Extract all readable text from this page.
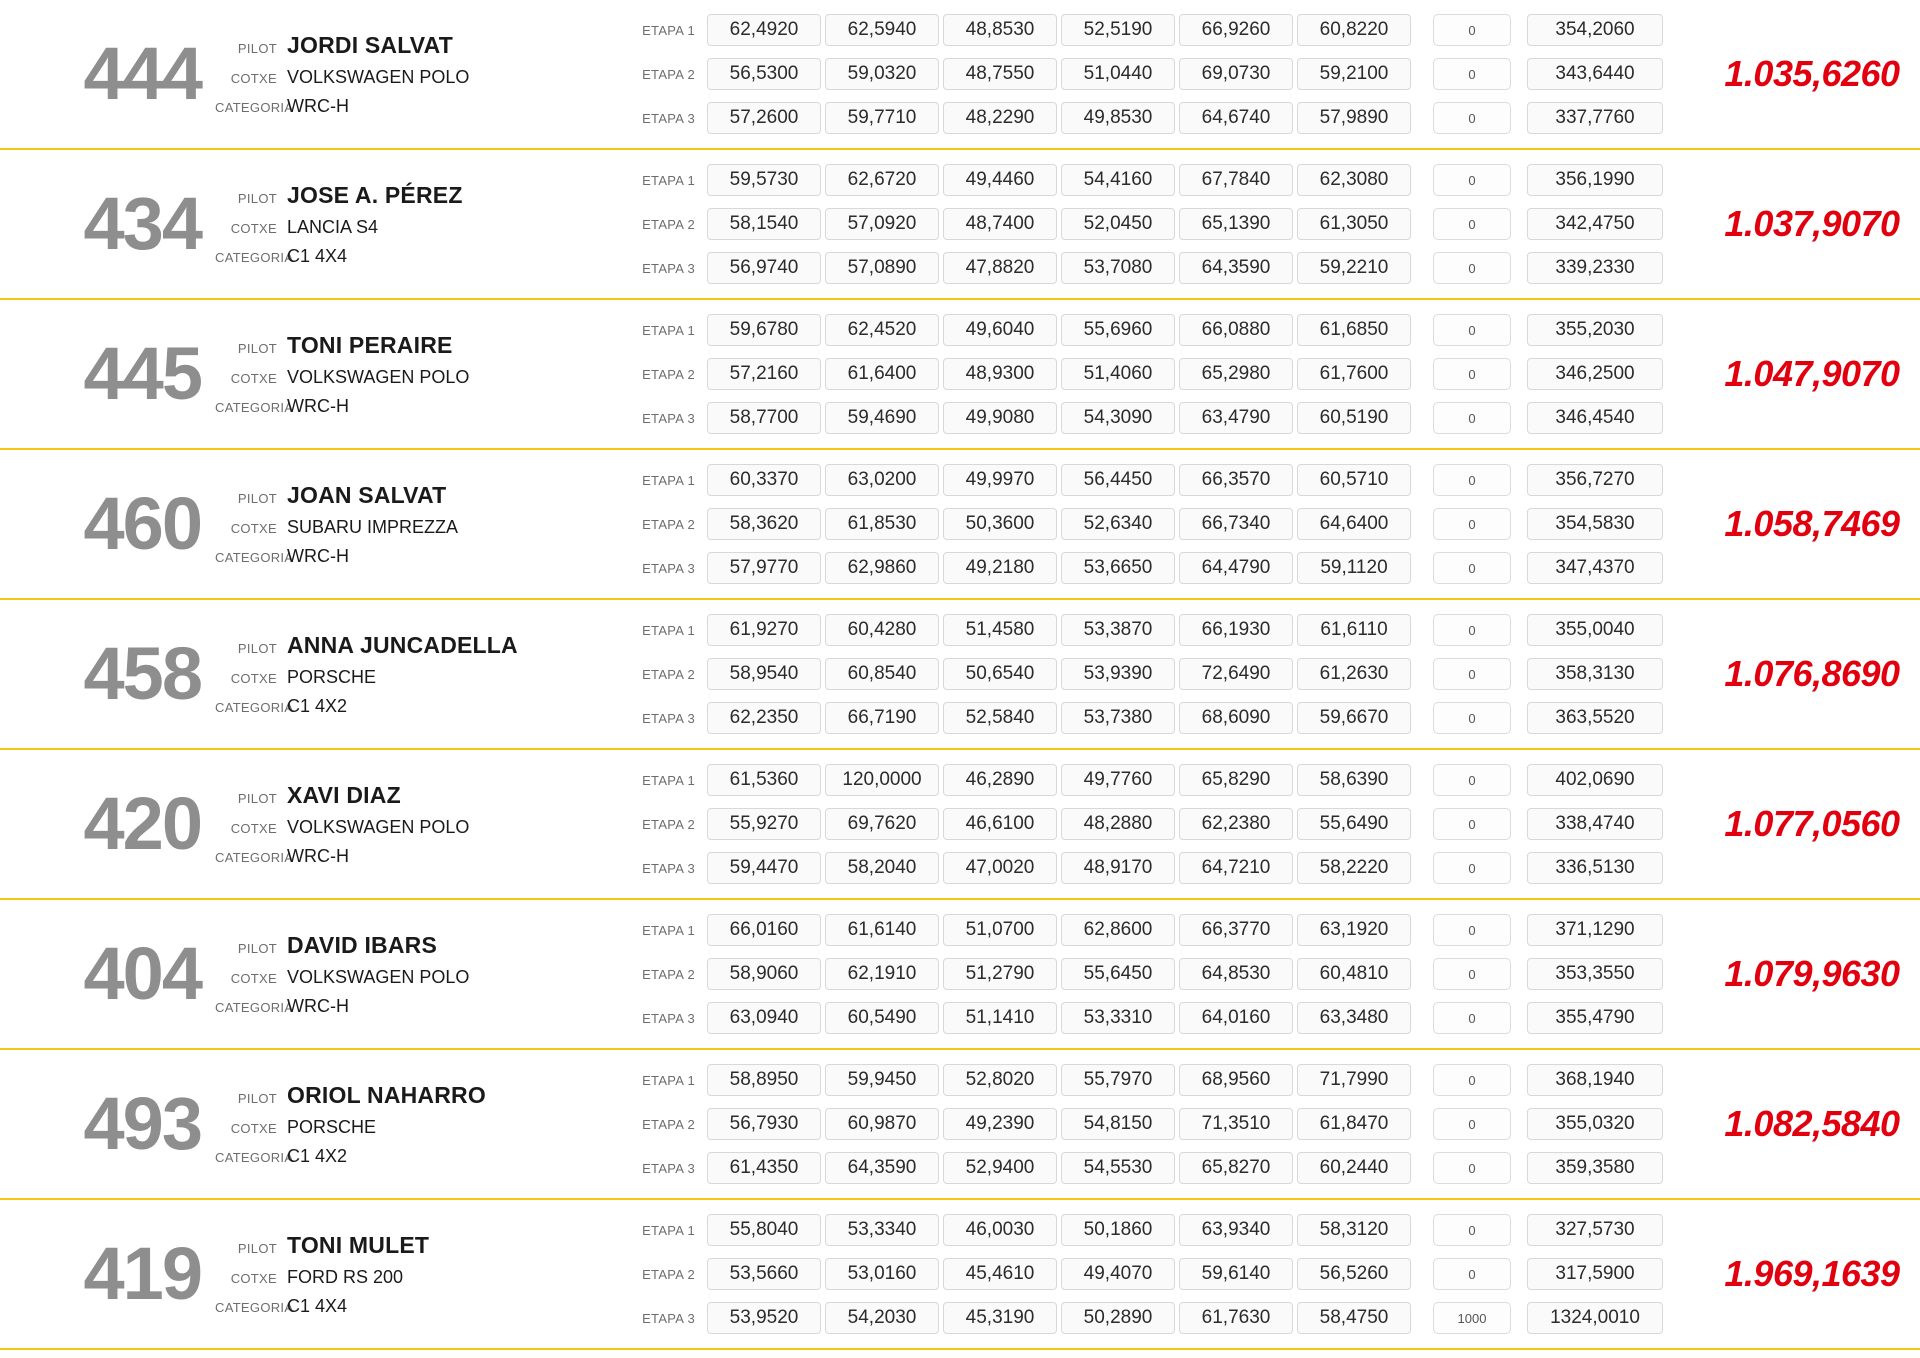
444	PILOT JORDI SALVAT
COTXE VOLKSWAGEN POLO
CATEGORIA
WRC-H
ETAPA 1	62,4920	62,5940	48,8530	52,5190	66,9260	60,8220	0	354,2060
ETAPA 2	56,5300	59,0320	48,7550	51,0440	69,0730	59,2100	0	343,6440
ETAPA 3	57,2600	59,7710	48,2290	49,8530	64,6740	57,9890	0	337,7760
1.035,6260
434	PILOT JOSE A. PÉREZ
COTXE LANCIA S4
CATEGORIA
C1 4X4
ETAPA 1	59,5730	62,6720	49,4460	54,4160	67,7840	62,3080	0	356,1990
ETAPA 2	58,1540	57,0920	48,7400	52,0450	65,1390	61,3050	0	342,4750
ETAPA 3	56,9740	57,0890	47,8820	53,7080	64,3590	59,2210	0	339,2330
1.037,9070
445	PILOT TONI PERAIRE
COTXE VOLKSWAGEN POLO
CATEGORIA
WRC-H
ETAPA 1	59,6780	62,4520	49,6040	55,6960	66,0880	61,6850	0	355,2030
ETAPA 2	57,2160	61,6400	48,9300	51,4060	65,2980	61,7600	0	346,2500
ETAPA 3	58,7700	59,4690	49,9080	54,3090	63,4790	60,5190	0	346,4540
1.047,9070
460	PILOT JOAN SALVAT
COTXE SUBARU IMPREZZA
CATEGORIA
WRC-H
ETAPA 1	60,3370	63,0200	49,9970	56,4450	66,3570	60,5710	0	356,7270
ETAPA 2	58,3620	61,8530	50,3600	52,6340	66,7340	64,6400	0	354,5830
ETAPA 3	57,9770	62,9860	49,2180	53,6650	64,4790	59,1120	0	347,4370
1.058,7469
458	PILOT ANNA JUNCADELLA
COTXE PORSCHE
CATEGORIA
C1 4X2
ETAPA 1	61,9270	60,4280	51,4580	53,3870	66,1930	61,6110	0	355,0040
ETAPA 2	58,9540	60,8540	50,6540	53,9390	72,6490	61,2630	0	358,3130
ETAPA 3	62,2350	66,7190	52,5840	53,7380	68,6090	59,6670	0	363,5520
1.076,8690
420	PILOT XAVI DIAZ
COTXE VOLKSWAGEN POLO
CATEGORIA
WRC-H
ETAPA 1	61,5360	120,0000	46,2890	49,7760	65,8290	58,6390	0	402,0690
ETAPA 2	55,9270	69,7620	46,6100	48,2880	62,2380	55,6490	0	338,4740
ETAPA 3	59,4470	58,2040	47,0020	48,9170	64,7210	58,2220	0	336,5130
1.077,0560
404	PILOT DAVID IBARS
COTXE VOLKSWAGEN POLO
CATEGORIA
WRC-H
ETAPA 1	66,0160	61,6140	51,0700	62,8600	66,3770	63,1920	0	371,1290
ETAPA 2	58,9060	62,1910	51,2790	55,6450	64,8530	60,4810	0	353,3550
ETAPA 3	63,0940	60,5490	51,1410	53,3310	64,0160	63,3480	0	355,4790
1.079,9630
493	PILOT ORIOL NAHARRO
COTXE PORSCHE
CATEGORIA
C1 4X2
ETAPA 1	58,8950	59,9450	52,8020	55,7970	68,9560	71,7990	0	368,1940
ETAPA 2	56,7930	60,9870	49,2390	54,8150	71,3510	61,8470	0	355,0320
ETAPA 3	61,4350	64,3590	52,9400	54,5530	65,8270	60,2440	0	359,3580
1.082,5840
419	PILOT TONI MULET
COTXE FORD RS 200
CATEGORIA
C1 4X4
ETAPA 1	55,8040	53,3340	46,0030	50,1860	63,9340	58,3120	0	327,5730
ETAPA 2	53,5660	53,0160	45,4610	49,4070	59,6140	56,5260	0	317,5900
ETAPA 3	53,9520	54,2030	45,3190	50,2890	61,7630	58,4750	1000	1324,0010
1.969,1639
